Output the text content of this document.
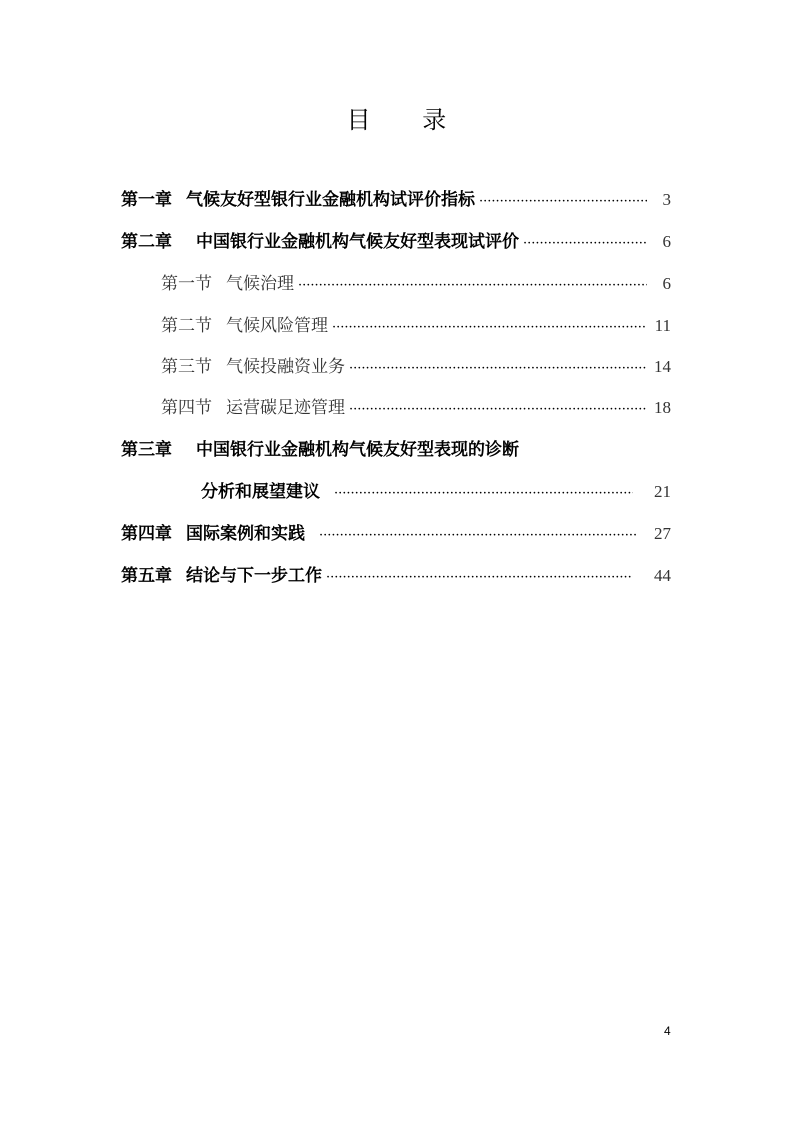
目 录
第一章 气候友好型银行业金融机构试评价指标 ·····	3
第二章 中国银行业金融机构气候友好型表现试评价 ·····	6
第一节 气候治理 ·····	6
第二节 气候风险管理 ·····	11
第三节 气候投融资业务 ·····	14
第四节 运营碳足迹管理 ·····	18
第三章 中国银行业金融机构气候友好型表现的诊断
分析和展望建议 ·····	21
第四章 国际案例和实践 ·····	27
第五章 结论与下一步工作 ·····	44
4
